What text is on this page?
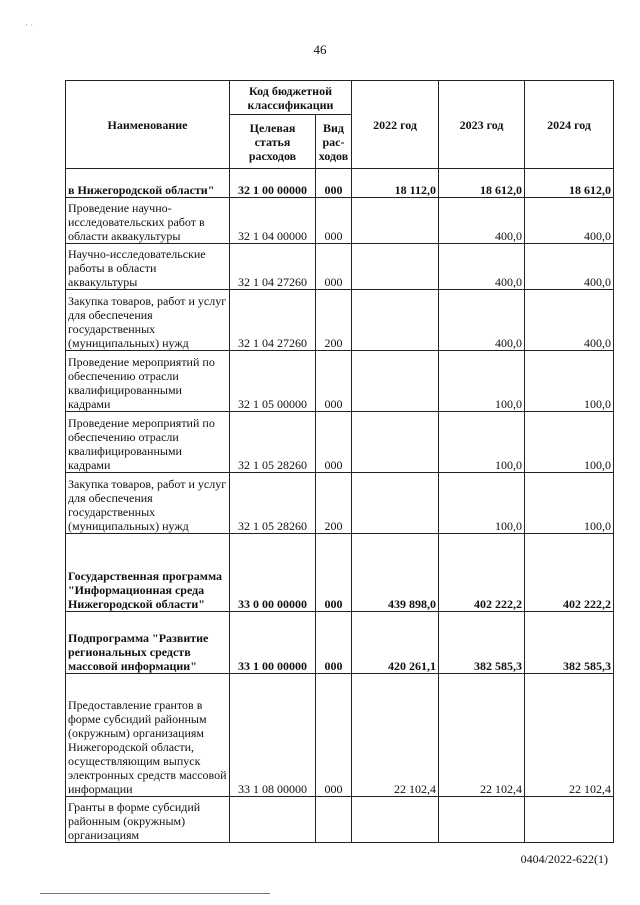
· ·
46
Наименование	Код бюджетной классификации		2022 год	2023 год	2024 год
	Целевая статья расходов	Вид рас- ходов			
в Нижегородской области"	32 1 00 00000	000	18 112,0	18 612,0	18 612,0
Проведение научно-исследовательских работ в области аквакультуры	32 1 04 00000	000		400,0	400,0
Научно-исследовательские работы в области аквакультуры	32 1 04 27260	000		400,0	400,0
Закупка товаров, работ и услуг для обеспечения государственных (муниципальных) нужд	32 1 04 27260	200		400,0	400,0
Проведение мероприятий по обеспечению отрасли квалифицированными кадрами	32 1 05 00000	000		100,0	100,0
Проведение мероприятий по обеспечению отрасли квалифицированными кадрами	32 1 05 28260	000		100,0	100,0
Закупка товаров, работ и услуг для обеспечения государственных (муниципальных) нужд	32 1 05 28260	200		100,0	100,0
Государственная программа "Информационная среда Нижегородской области"	33 0 00 00000	000	439 898,0	402 222,2	402 222,2
Подпрограмма "Развитие региональных средств массовой информации"	33 1 00 00000	000	420 261,1	382 585,3	382 585,3
Предоставление грантов в форме субсидий районным (окружным) организациям Нижегородской области, осуществляющим выпуск электронных средств массовой информации	33 1 08 00000	000	22 102,4	22 102,4	22 102,4
Гранты в форме субсидий районным (окружным) организациям					
0404/2022-622(1)
